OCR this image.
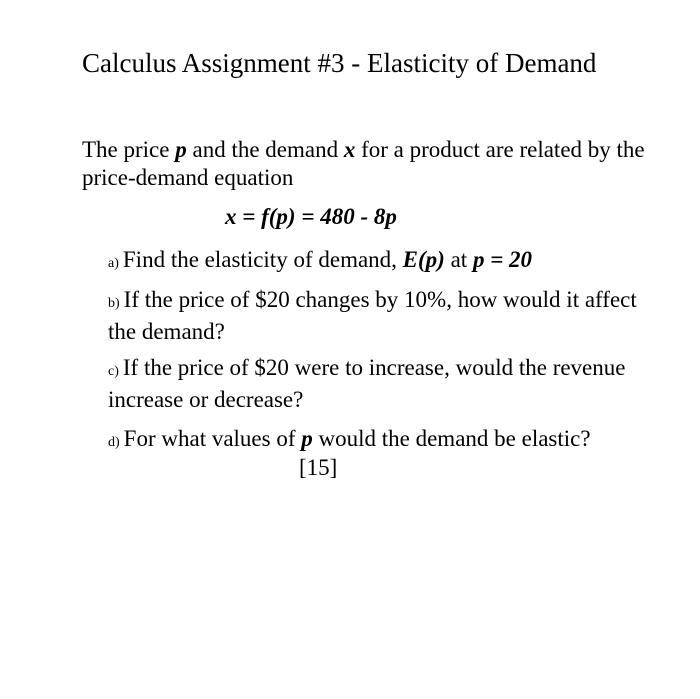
Calculus Assignment #3 - Elasticity of Demand
The price p and the demand x for a product are related by the price-demand equation
x = f(p) = 480 - 8p
a) Find the elasticity of demand, E(p) at p = 20
b) If the price of $20 changes by 10%, how would it affect the demand?
c) If the price of $20 were to increase, would the revenue increase or decrease?
d) For what values of p would the demand be elastic?
[15]
